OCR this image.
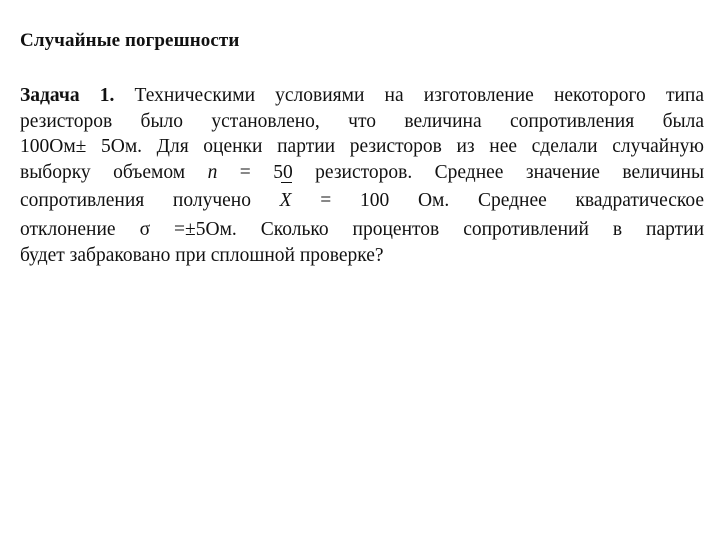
Случайные погрешности
Задача 1. Техническими условиями на изготовление некоторого типа
резисторов было установлено, что величина сопротивления была
100Ом± 5Ом. Для оценки партии резисторов из нее сделали случайную
выборку объемом n = 50 резисторов. Среднее значение величины
сопротивления получено X = 100 Ом. Среднее квадратическое
отклонение σ =±5Ом. Сколько процентов сопротивлений в партии
будет забраковано при сплошной проверке?
